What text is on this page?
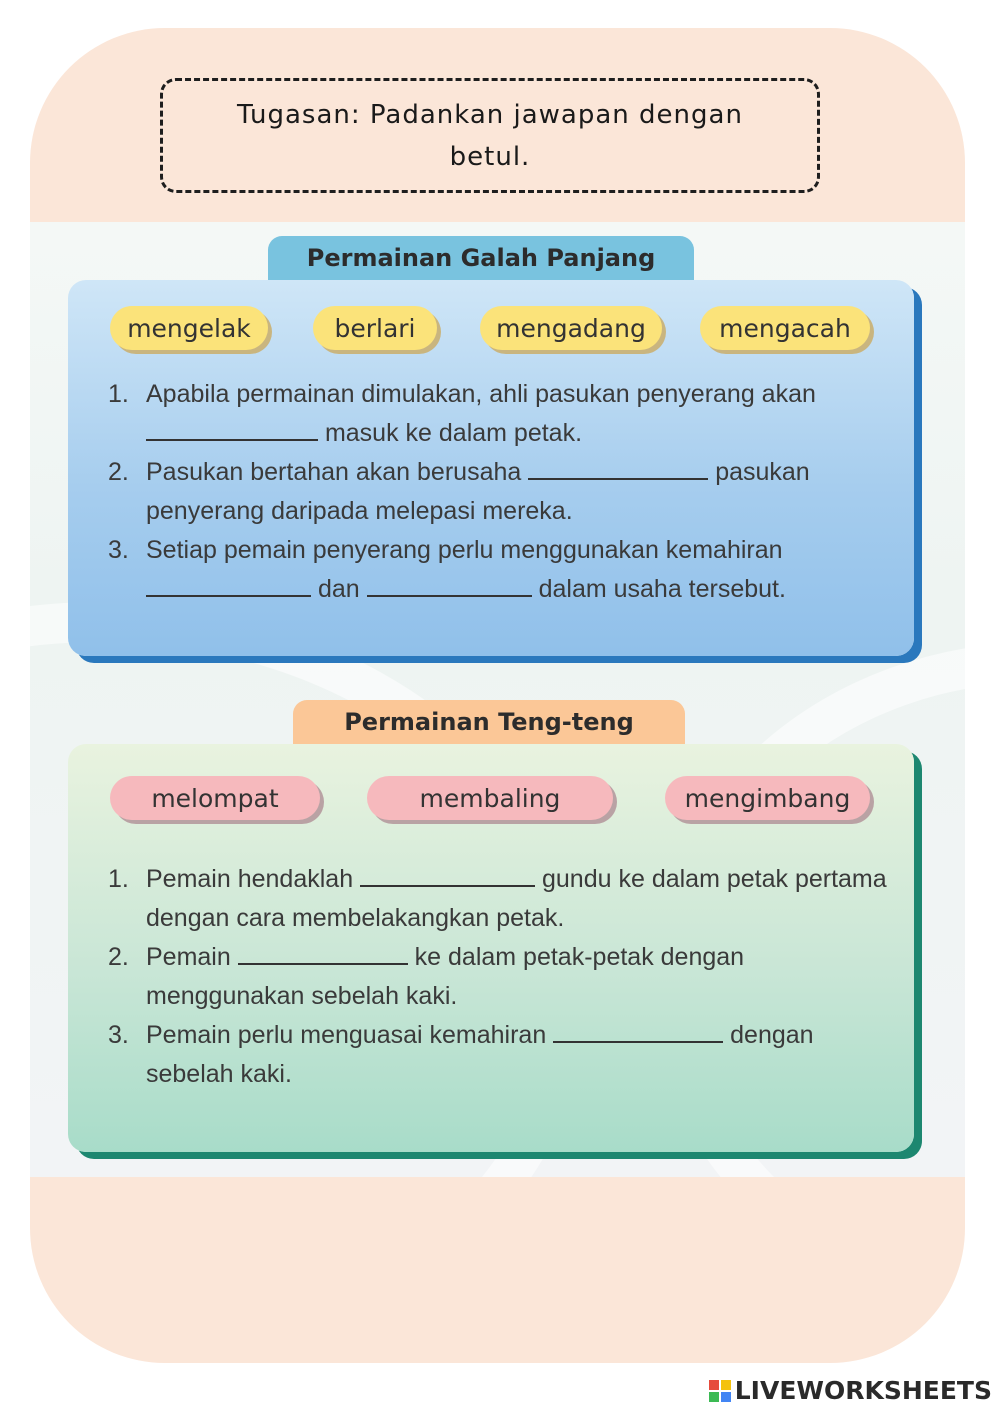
Tugasan: Padankan jawapan dengan betul.
Permainan Galah Panjang
mengelak	berlari	mengadang	mengacah
1. Apabila permainan dimulakan, ahli pasukan penyerang akan  masuk ke dalam petak.
2. Pasukan bertahan akan berusaha	pasukan penyerang daripada melepasi mereka.
3. Setiap pemain penyerang perlu menggunakan kemahiran  dan	dalam usaha tersebut.
Permainan Teng-teng
melompat	membaling	mengimbang
1. Pemain hendaklah	gundu ke dalam petak pertama dengan cara membelakangkan petak.
2. Pemain	ke dalam petak-petak dengan menggunakan sebelah kaki.
3. Pemain perlu menguasai kemahiran	dengan sebelah kaki.
LIVEWORKSHEETS
